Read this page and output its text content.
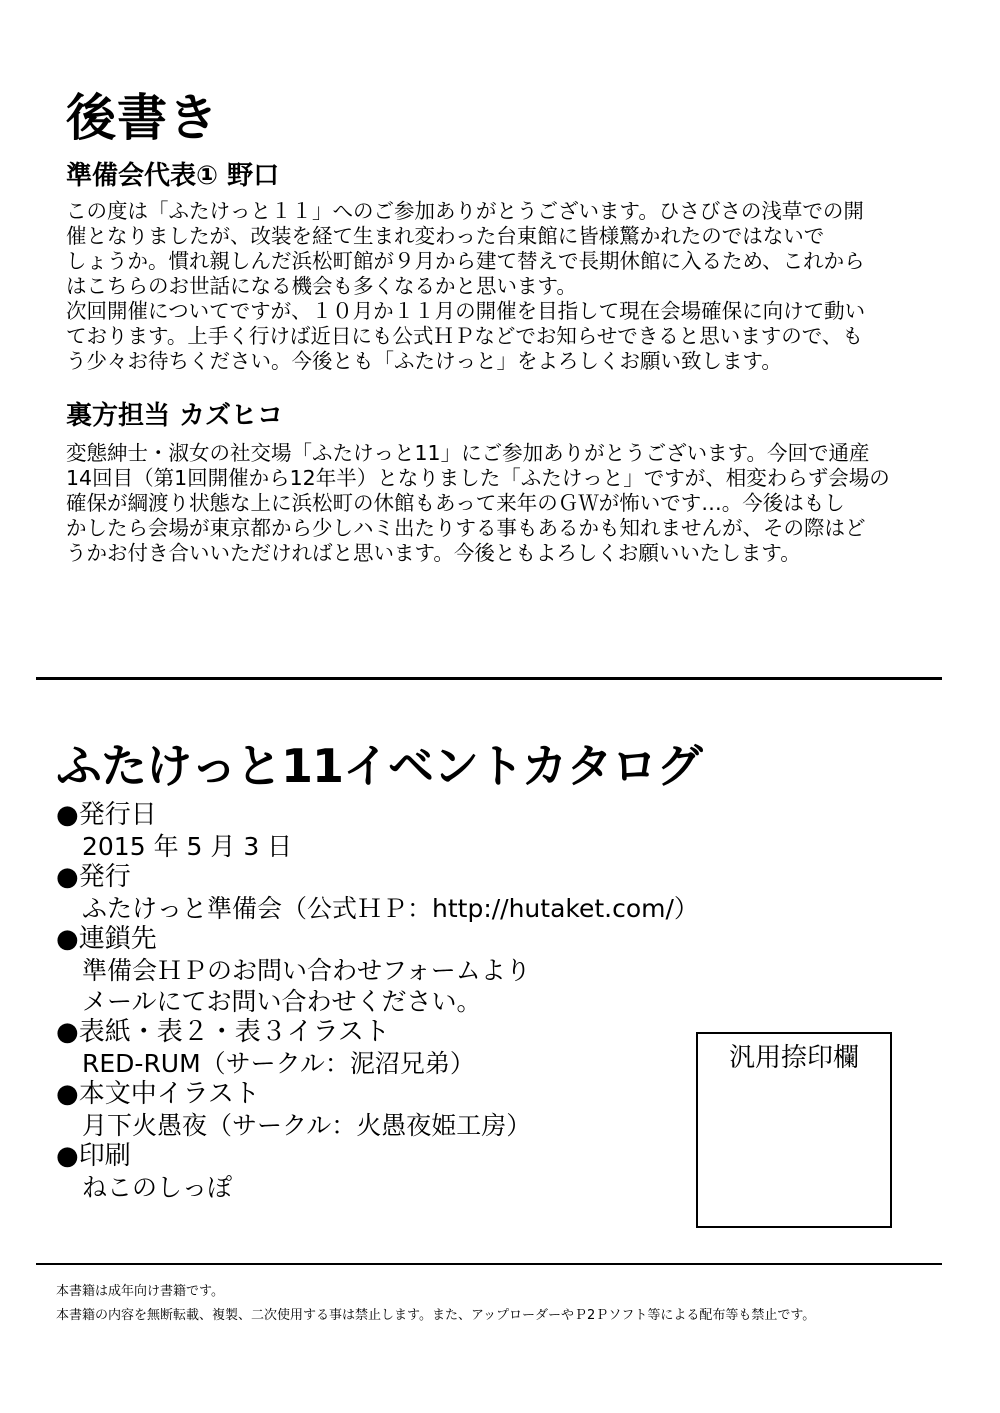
後書き
準備会代表① 野口
この度は「ふたけっと１１」へのご参加ありがとうございます。ひさびさの浅草での開
催となりましたが、改装を経て生まれ変わった台東館に皆様驚かれたのではないで
しょうか。慣れ親しんだ浜松町館が９月から建て替えで長期休館に入るため、これから
はこちらのお世話になる機会も多くなるかと思います。
次回開催についてですが、１０月か１１月の開催を目指して現在会場確保に向けて動い
ております。上手く行けば近日にも公式ＨＰなどでお知らせできると思いますので、も
う少々お待ちください。今後とも「ふたけっと」をよろしくお願い致します。
裏方担当 カズヒコ
変態紳士・淑女の社交場「ふたけっと11」にご参加ありがとうございます。今回で通産
14回目（第1回開催から12年半）となりました「ふたけっと」ですが、相変わらず会場の
確保が綱渡り状態な上に浜松町の休館もあって来年のＧＷが怖いです…。今後はもし
かしたら会場が東京都から少しハミ出たりする事もあるかも知れませんが、その際はど
うかお付き合いいただければと思います。今後ともよろしくお願いいたします。
ふたけっと11イベントカタログ
●発行日
2015 年 5 月 3 日
●発行
ふたけっと準備会（公式ＨＰ：http://hutaket.com/）
●連鎖先
準備会ＨＰのお問い合わせフォームより
メールにてお問い合わせください。
●表紙・表２・表３イラスト
RED-RUM（サークル：泥沼兄弟）
●本文中イラスト
月下火愚夜（サークル：火愚夜姫工房）
●印刷
ねこのしっぽ
汎用捺印欄
本書籍は成年向け書籍です。
本書籍の内容を無断転載、複製、二次使用する事は禁止します。また、アップローダーやＰ2Ｐソフト等による配布等も禁止です。
